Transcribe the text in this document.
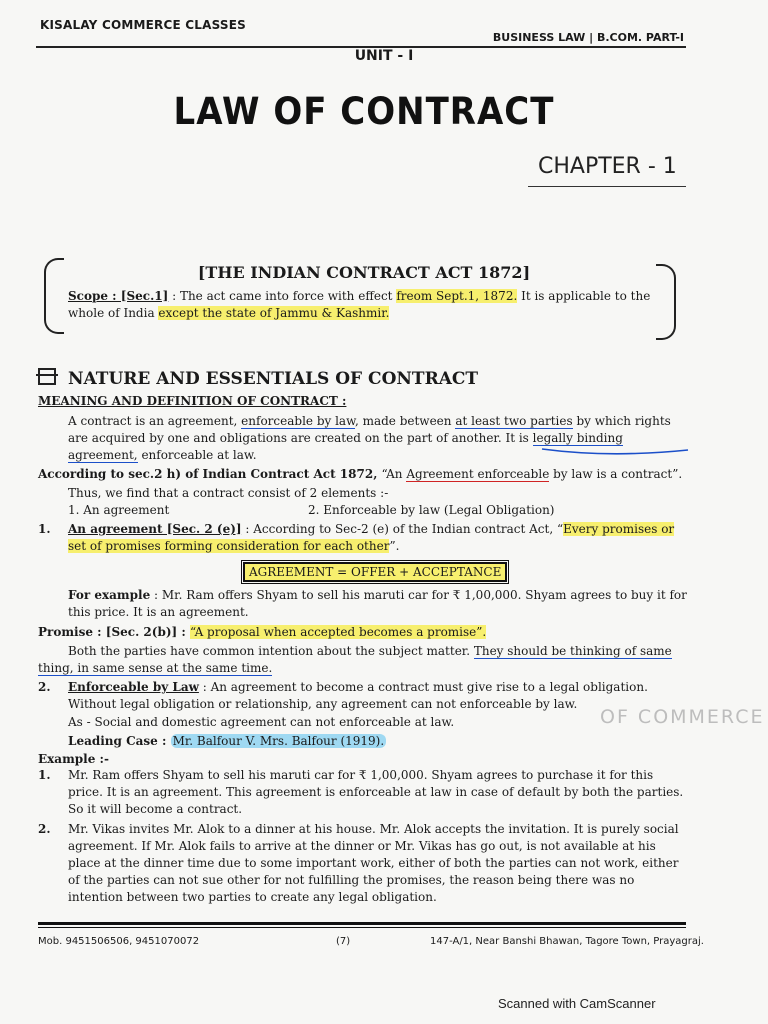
KISALAY COMMERCE CLASSES
BUSINESS LAW | B.COM. PART-I
UNIT - I
LAW OF CONTRACT
CHAPTER - 1
[THE INDIAN CONTRACT ACT 1872]
Scope : [Sec.1] : The act came into force with effect freom Sept.1, 1872. It is applicable to the whole of India except the state of Jammu & Kashmir.
NATURE AND ESSENTIALS OF CONTRACT
MEANING AND DEFINITION OF CONTRACT :
A contract is an agreement, enforceable by law, made between at least two parties by which rights are acquired by one and obligations are created on the part of another. It is legally binding agreement, enforceable at law.
According to sec.2 h) of Indian Contract Act 1872, “An Agreement enforceable by law is a contract”.
Thus, we find that a contract consist of 2 elements :-
1. An agreement	2. Enforceable by law (Legal Obligation)
1. An agreement [Sec. 2 (e)] : According to Sec-2 (e) of the Indian contract Act, “Every promises or set of promises forming consideration for each other”.
AGREEMENT = OFFER + ACCEPTANCE
For example : Mr. Ram offers Shyam to sell his maruti car for ₹ 1,00,000. Shyam agrees to buy it for this price. It is an agreement.
Promise : [Sec. 2(b)] : “A proposal when accepted becomes a promise”.
Both the parties have common intention about the subject matter. They should be thinking of same thing, in same sense at the same time.
2. Enforceable by Law : An agreement to become a contract must give rise to a legal obligation. Without legal obligation or relationship, any agreement can not enforceable by law.
As - Social and domestic agreement can not enforceable at law.	OF COMMERCE
Leading Case : Mr. Balfour V. Mrs. Balfour (1919).
Example :-
1. Mr. Ram offers Shyam to sell his maruti car for ₹ 1,00,000. Shyam agrees to purchase it for this price. It is an agreement. This agreement is enforceable at law in case of default by both the parties. So it will become a contract.
2. Mr. Vikas invites Mr. Alok to a dinner at his house. Mr. Alok accepts the invitation. It is purely social agreement. If Mr. Alok fails to arrive at the dinner or Mr. Vikas has go out, is not available at his place at the dinner time due to some important work, either of both the parties can not work, either of the parties can not sue other for not fulfilling the promises, the reason being there was no intention between two parties to create any legal obligation.
Mob. 9451506506, 9451070072	(7)	147-A/1, Near Banshi Bhawan, Tagore Town, Prayagraj.
Scanned with CamScanner
